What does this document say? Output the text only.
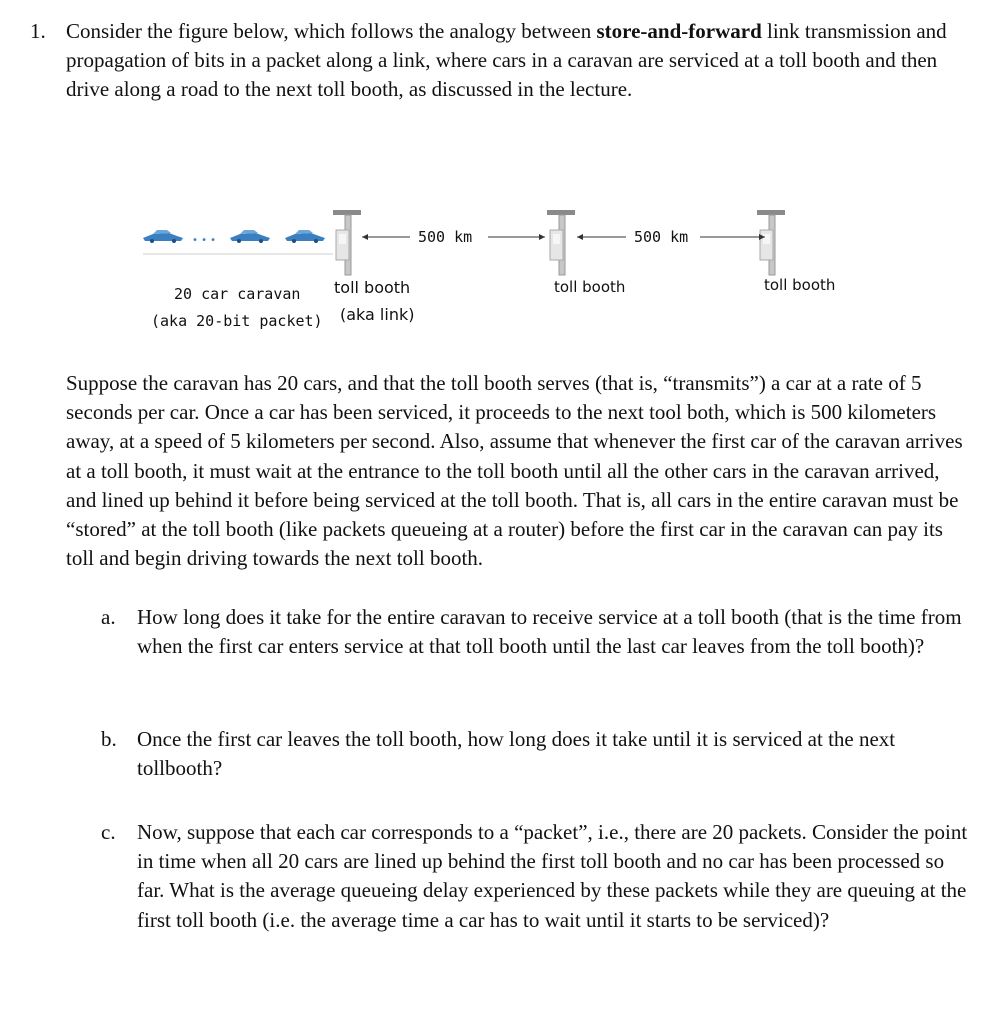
1. Consider the figure below, which follows the analogy between store-and-forward link transmission and propagation of bits in a packet along a link, where cars in a caravan are serviced at a toll booth and then drive along a road to the next toll booth, as discussed in the lecture.
• • •	500 km	500 km
20 car caravan
(aka 20-bit packet)
toll booth
(aka link)
toll booth	toll booth
Suppose the caravan has 20 cars, and that the toll booth serves (that is, “transmits”) a car at a rate of 5 seconds per car. Once a car has been serviced, it proceeds to the next tool both, which is 500 kilometers away, at a speed of 5 kilometers per second. Also, assume that whenever the first car of the caravan arrives at a toll booth, it must wait at the entrance to the toll booth until all the other cars in the caravan arrived, and lined up behind it before being serviced at the toll booth. That is, all cars in the entire caravan must be “stored” at the toll booth (like packets queueing at a router) before the first car in the caravan can pay its toll and begin driving towards the next toll booth.
a. How long does it take for the entire caravan to receive service at a toll booth (that is the time from when the first car enters service at that toll booth until the last car leaves from the toll booth)?
b. Once the first car leaves the toll booth, how long does it take until it is serviced at the next tollbooth?
c. Now, suppose that each car corresponds to a “packet”, i.e., there are 20 packets. Consider the point in time when all 20 cars are lined up behind the first toll booth and no car has been processed so far. What is the average queueing delay experienced by these packets while they are queuing at the first toll booth (i.e. the average time a car has to wait until it starts to be serviced)?
